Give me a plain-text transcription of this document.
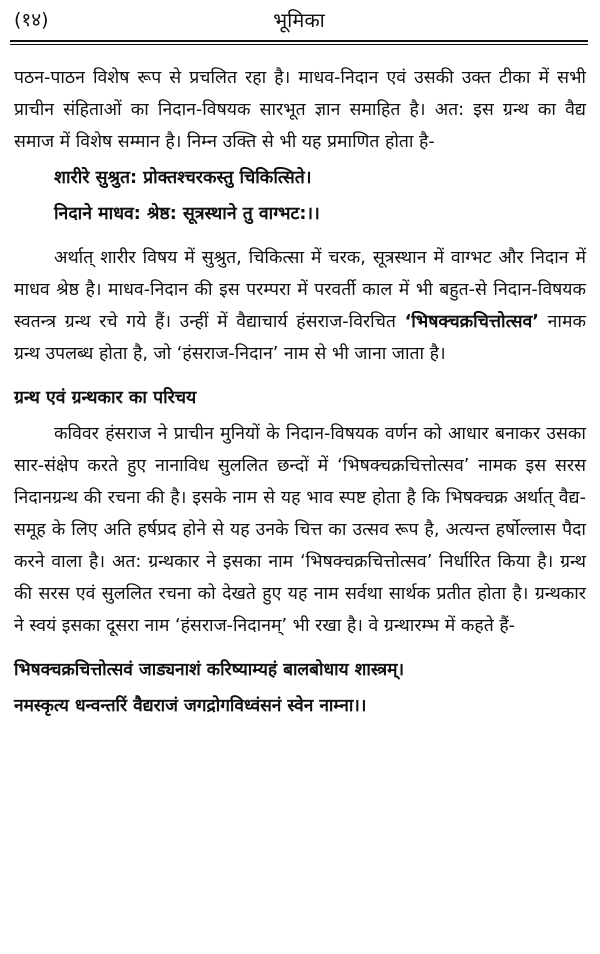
(१४)	भूमिका

पठन-पाठन विशेष रूप से प्रचलित रहा है। माधव-निदान एवं उसकी उक्त टीका में सभी प्राचीन संहिताओं का निदान-विषयक सारभूत ज्ञान समाहित है। अत: इस ग्रन्थ का वैद्य समाज में विशेष सम्मान है। निम्न उक्ति से भी यह प्रमाणित होता है-

शारीरे सुश्रुत: प्रोक्तश्चरकस्तु चिकित्सिते।

निदाने माधव: श्रेष्ठ: सूत्रस्थाने तु वाग्भट:।।

अर्थात् शारीर विषय में सुश्रुत, चिकित्सा में चरक, सूत्रस्थान में वाग्भट और निदान में माधव श्रेष्ठ है। माधव-निदान की इस परम्परा में परवर्ती काल में भी बहुत-से निदान-विषयक स्वतन्त्र ग्रन्थ रचे गये हैं। उन्हीं में वैद्याचार्य हंसराज-विरचित ‘भिषक्चक्रचित्तोत्सव’ नामक ग्रन्थ उपलब्ध होता है, जो ‘हंसराज-निदान’ नाम से भी जाना जाता है।

ग्रन्थ एवं ग्रन्थकार का परिचय

कविवर हंसराज ने प्राचीन मुनियों के निदान-विषयक वर्णन को आधार बनाकर उसका सार-संक्षेप करते हुए नानाविध सुललित छन्दों में ‘भिषक्चक्रचित्तोत्सव’ नामक इस सरस निदानग्रन्थ की रचना की है। इसके नाम से यह भाव स्पष्ट होता है कि भिषक्चक्र अर्थात् वैद्य-समूह के लिए अति हर्षप्रद होने से यह उनके चित्त का उत्सव रूप है, अत्यन्त हर्षोल्लास पैदा करने वाला है। अत: ग्रन्थकार ने इसका नाम ‘भिषक्चक्रचित्तोत्सव’ निर्धारित किया है। ग्रन्थ की सरस एवं सुललित रचना को देखते हुए यह नाम सर्वथा सार्थक प्रतीत होता है। ग्रन्थकार ने स्वयं इसका दूसरा नाम ‘हंसराज-निदानम्’ भी रखा है। वे ग्रन्थारम्भ में कहते हैं-

भिषक्चक्रचित्तोत्सवं जाड्यनाशं करिष्याम्यहं बालबोधाय शास्त्रम्।

नमस्कृत्य धन्वन्तरिं वैद्यराजं जगद्रोगविध्वंसनं स्वेन नाम्ना।।
